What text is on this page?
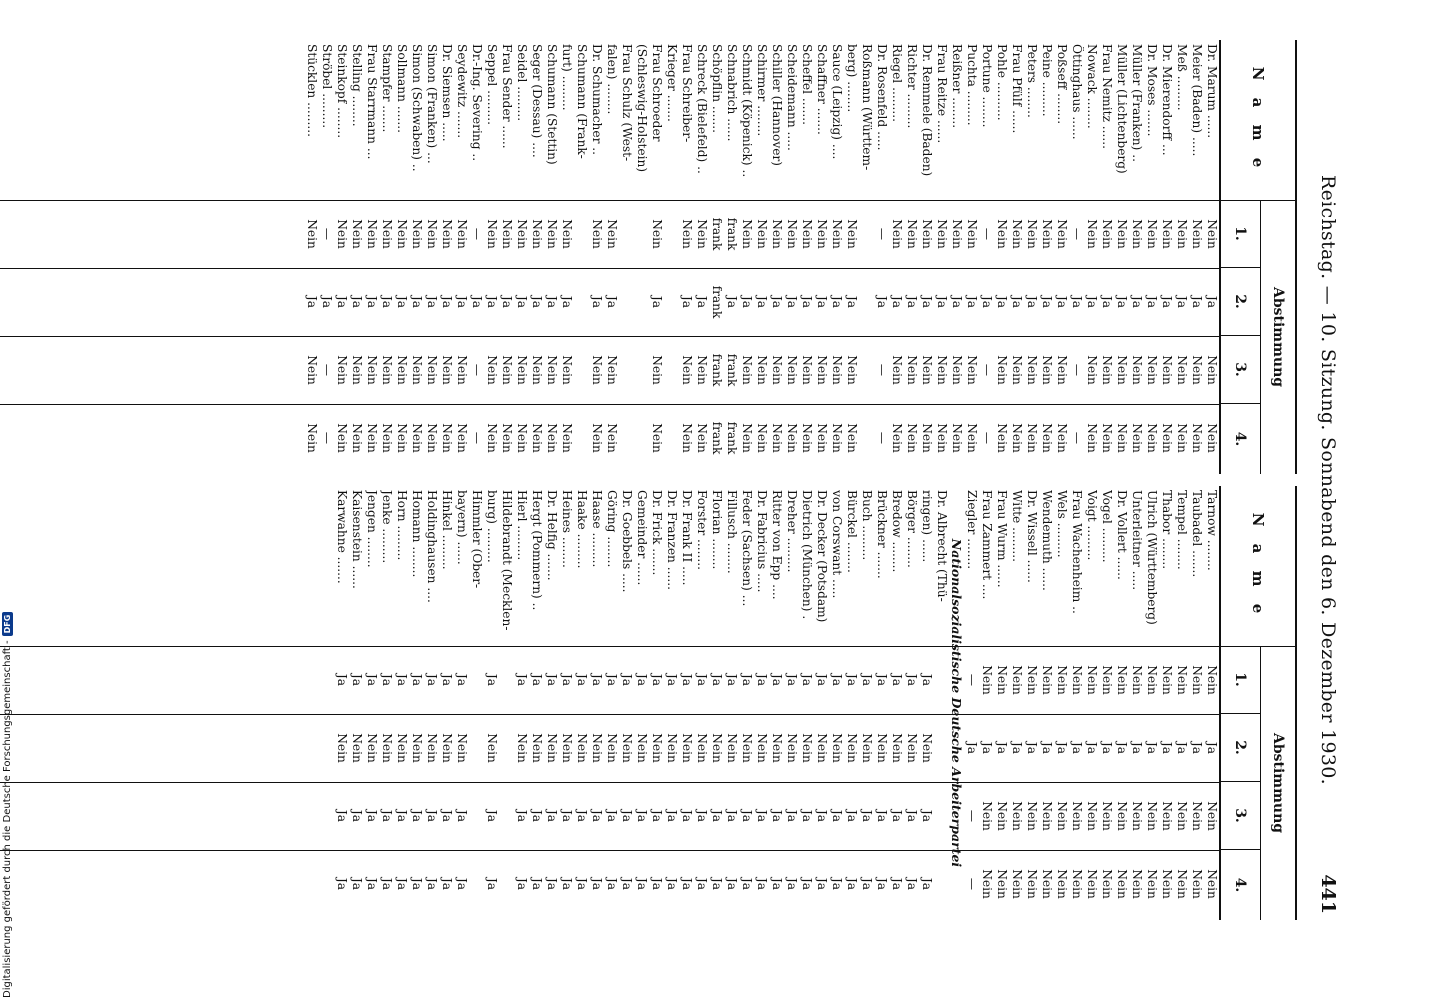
Reichstag. — 10. Sitzung. Sonnabend den 6. Dezember 1930.
441
N a m e
Abstimmung
1.
2.
3.
4.
Dr. Marum ......
Nein
Ja
Nein
Nein
Meier (Baden) .....
Nein
Ja
Nein
Nein
Meß .........
Nein
Ja
Nein
Nein
Dr. Mierendorff ...
Nein
Ja
Nein
Nein
Dr. Moses .......
Nein
Ja
Nein
Nein
Müller (Franken) ..
Nein
Ja
Nein
Nein
Müller (Lichtenberg)
Nein
Ja
Nein
Nein
Frau Nemitz ......
Nein
Ja
Nein
Nein
Nowack ........
Nein
Ja
Nein
Nein
Öttinghaus ......
—
Ja
—
—
Poßseff ........
Nein
Ja
Nein
Nein
Peine .........
Nein
Ja
Nein
Nein
Peters ........
Nein
Ja
Nein
Nein
Frau Pfülf ......
Nein
Ja
Nein
Nein
Pohle ..........
Nein
Ja
Nein
Nein
Portune ........
—
Ja
—
—
Puchta .........
Nein
Ja
Nein
Nein
Reißner ........
Nein
Ja
Nein
Nein
Frau Reitze ......
Nein
Ja
Nein
Nein
Dr. Remmele (Baden)
Nein
Ja
Nein
Nein
Richter .........
Nein
Ja
Nein
Nein
Riegel .........
Nein
Ja
Nein
Nein
Dr. Rosenfeld .....
—
Ja
—
—
Roßmann (Württem-
berg) ........
Nein
Ja
Nein
Nein
Sauce (Leipzig) ....
Nein
Ja
Nein
Nein
Schaffner .......
Nein
Ja
Nein
Nein
Scheffel .......
Nein
Ja
Nein
Nein
Scheidemann .....
Nein
Ja
Nein
Nein
Schiller (Hannover)
Nein
Ja
Nein
Nein
Schirmer ........
Nein
Ja
Nein
Nein
Schmidt (Köpenick) ..
Nein
Ja
Nein
Nein
Schnabrich ......
frank
Ja
frank
frank
Schöpflin .......
frank
frank
frank
frank
Schreck (Bielefeld) ..
Nein
Ja
Nein
Nein
Frau Schreiber-
Nein
Ja
Nein
Nein
Krieger .......
Frau Schroeder
Nein
Ja
Nein
Nein
(Schleswig-Holstein)
Frau Schulz (West-
falen) ........
Nein
Ja
Nein
Nein
Dr. Schumacher ..
Nein
Ja
Nein
Nein
Schumann (Frank-
furt) .........
Nein
Ja
Nein
Nein
Schumann (Stettin)
Nein
Ja
Nein
Nein
Seger (Dessau) ....
Nein
Ja
Nein
Nein
Seidel .........
Nein
Ja
Nein
Nein
Frau Sender ......
Nein
Ja
Nein
Nein
Seppel .........
Nein
Ja
Nein
Nein
Dr.-Ing. Severing ..
—
Ja
—
—
Seydewitz .......
Nein
Ja
Nein
Nein
Dr. Siemsen .....
Nein
Ja
Nein
Nein
Simon (Franken) ...
Nein
Ja
Nein
Nein
Simon (Schwaben) ..
Nein
Ja
Nein
Nein
Sollmann .......
Nein
Ja
Nein
Nein
Stampfer .......
Nein
Ja
Nein
Nein
Frau Starrmann ...
Nein
Ja
Nein
Nein
Stelling ........
Nein
Ja
Nein
Nein
Steinkopf ........
Nein
Ja
Nein
Nein
Ströbel .........
—
Ja
—
—
Stücklen .........
Nein
Ja
Nein
Nein
N a m e
Abstimmung
1.
2.
3.
4.
Tarnow ........
Nein
Ja
Nein
Nein
Taubadel .......
Nein
Ja
Nein
Nein
Tempel ........
Nein
Ja
Nein
Nein
Thabor ........
Nein
Ja
Nein
Nein
Ulrich (Württemberg)
Nein
Ja
Nein
Nein
Unterleitner .....
Nein
Ja
Nein
Nein
Dr. Vollert ......
Nein
Ja
Nein
Nein
Vogel .........
Nein
Ja
Nein
Nein
Voigt .........
Nein
Ja
Nein
Nein
Frau Wachenheim ..
Nein
Ja
Nein
Nein
Wels .........
Nein
Ja
Nein
Nein
Wendemuth ......
Nein
Ja
Nein
Nein
Dr. Wissell ......
Nein
Ja
Nein
Nein
Witte .........
Nein
Ja
Nein
Nein
Frau Wurm ......
Nein
Ja
Nein
Nein
Frau Zammert ....
Nein
Ja
Nein
Nein
Ziegler ........
—
Ja
—
—
Nationalsozialistische Deutsche Arbeiterpartei
Dr. Albrecht (Thü-
ringen) ......
Ja
Nein
Ja
Ja
Börger ........
Ja
Nein
Ja
Ja
Bredow ........
Ja
Nein
Ja
Ja
Brückner .......
Ja
Nein
Ja
Ja
Buch .........
Ja
Nein
Ja
Ja
Bürckel ........
Ja
Nein
Ja
Ja
von Corswant .....
Ja
Nein
Ja
Ja
Dr. Decker (Potsdam)
Ja
Nein
Ja
Ja
Dietrich (München) .
Ja
Nein
Ja
Ja
Dreher .........
Ja
Nein
Ja
Ja
Ritter von Epp ....
Ja
Nein
Ja
Ja
Dr. Fabricius .....
Ja
Nein
Ja
Ja
Feder (Sachsen) ...
Ja
Nein
Ja
Ja
Fillusch ........
Ja
Nein
Ja
Ja
Florian ........
Ja
Nein
Ja
Ja
Forster ........
Ja
Nein
Ja
Ja
Dr. Frank II .....
Ja
Nein
Ja
Ja
Dr. Franzen ......
Ja
Nein
Ja
Ja
Dr. Frick .......
Ja
Nein
Ja
Ja
Gemeinder ......
Ja
Nein
Ja
Ja
Dr. Goebbels .....
Ja
Nein
Ja
Ja
Göring ........
Ja
Nein
Ja
Ja
Haase .........
Ja
Nein
Ja
Ja
Haake .........
Ja
Nein
Ja
Ja
Heines ........
Ja
Nein
Ja
Ja
Dr. Helfig .......
Ja
Nein
Ja
Ja
Hergt (Pommern) ..
Ja
Nein
Ja
Ja
Hierl .........
Ja
Nein
Ja
Ja
Hildebrandt (Mecklen-
burg) .........
Ja
Nein
Ja
Ja
Himmler (Ober-
bayern) ......
Ja
Nein
Ja
Ja
Hinkel .........
Ja
Nein
Ja
Ja
Holdinghausen ....
Ja
Nein
Ja
Ja
Homann ........
Ja
Nein
Ja
Ja
Horn .........
Ja
Nein
Ja
Ja
Jenke .........
Ja
Nein
Ja
Ja
Jengen ........
Ja
Nein
Ja
Ja
Kaisenstein ......
Ja
Nein
Ja
Ja
Karwahne .......
Ja
Nein
Ja
Ja
Digitalisierung gefördert durch die Deutsche Forschungsgemeinschaft -
DFG
